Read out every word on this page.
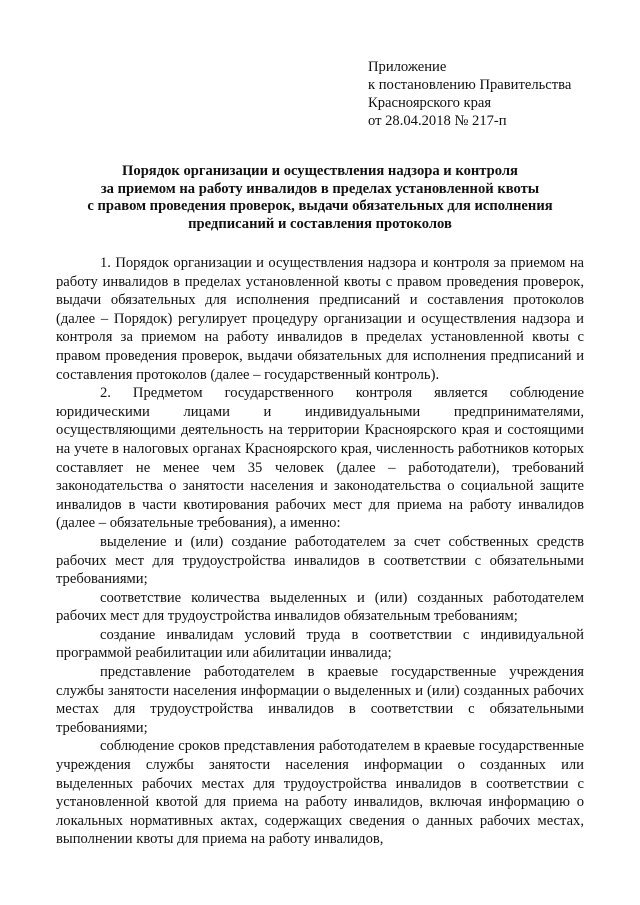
Приложение
к постановлению Правительства
Красноярского края
от 28.04.2018 № 217-п
Порядок организации и осуществления надзора и контроля
за приемом на работу инвалидов в пределах установленной квоты
с правом проведения проверок, выдачи обязательных для исполнения
предписаний и составления протоколов

1. Порядок организации и осуществления надзора и контроля за приемом на работу инвалидов в пределах установленной квоты с правом проведения проверок, выдачи обязательных для исполнения предписаний и составления протоколов (далее – Порядок) регулирует процедуру организации и осуществления надзора и контроля за приемом на работу инвалидов в пределах установленной квоты с правом проведения проверок, выдачи обязательных для исполнения предписаний и составления протоколов (далее – государственный контроль).

2. Предметом государственного контроля является соблюдение юридическими лицами и индивидуальными предпринимателями, осуществляющими деятельность на территории Красноярского края и состоящими на учете в налоговых органах Красноярского края, численность работников которых составляет не менее чем 35 человек (далее – работодатели), требований законодательства о занятости населения и законодательства о социальной защите инвалидов в части квотирования рабочих мест для приема на работу инвалидов (далее – обязательные требования), а именно:

выделение и (или) создание работодателем за счет собственных средств рабочих мест для трудоустройства инвалидов в соответствии с обязательными требованиями;

соответствие количества выделенных и (или) созданных работодателем рабочих мест для трудоустройства инвалидов обязательным требованиям;

создание инвалидам условий труда в соответствии с индивидуальной программой реабилитации или абилитации инвалида;

представление работодателем в краевые государственные учреждения службы занятости населения информации о выделенных и (или) созданных рабочих местах для трудоустройства инвалидов в соответствии с обязательными требованиями;

соблюдение сроков представления работодателем в краевые государственные учреждения службы занятости населения информации о созданных или выделенных рабочих местах для трудоустройства инвалидов в соответствии с установленной квотой для приема на работу инвалидов, включая информацию о локальных нормативных актах, содержащих сведения о данных рабочих местах, выполнении квоты для приема на работу инвалидов,
